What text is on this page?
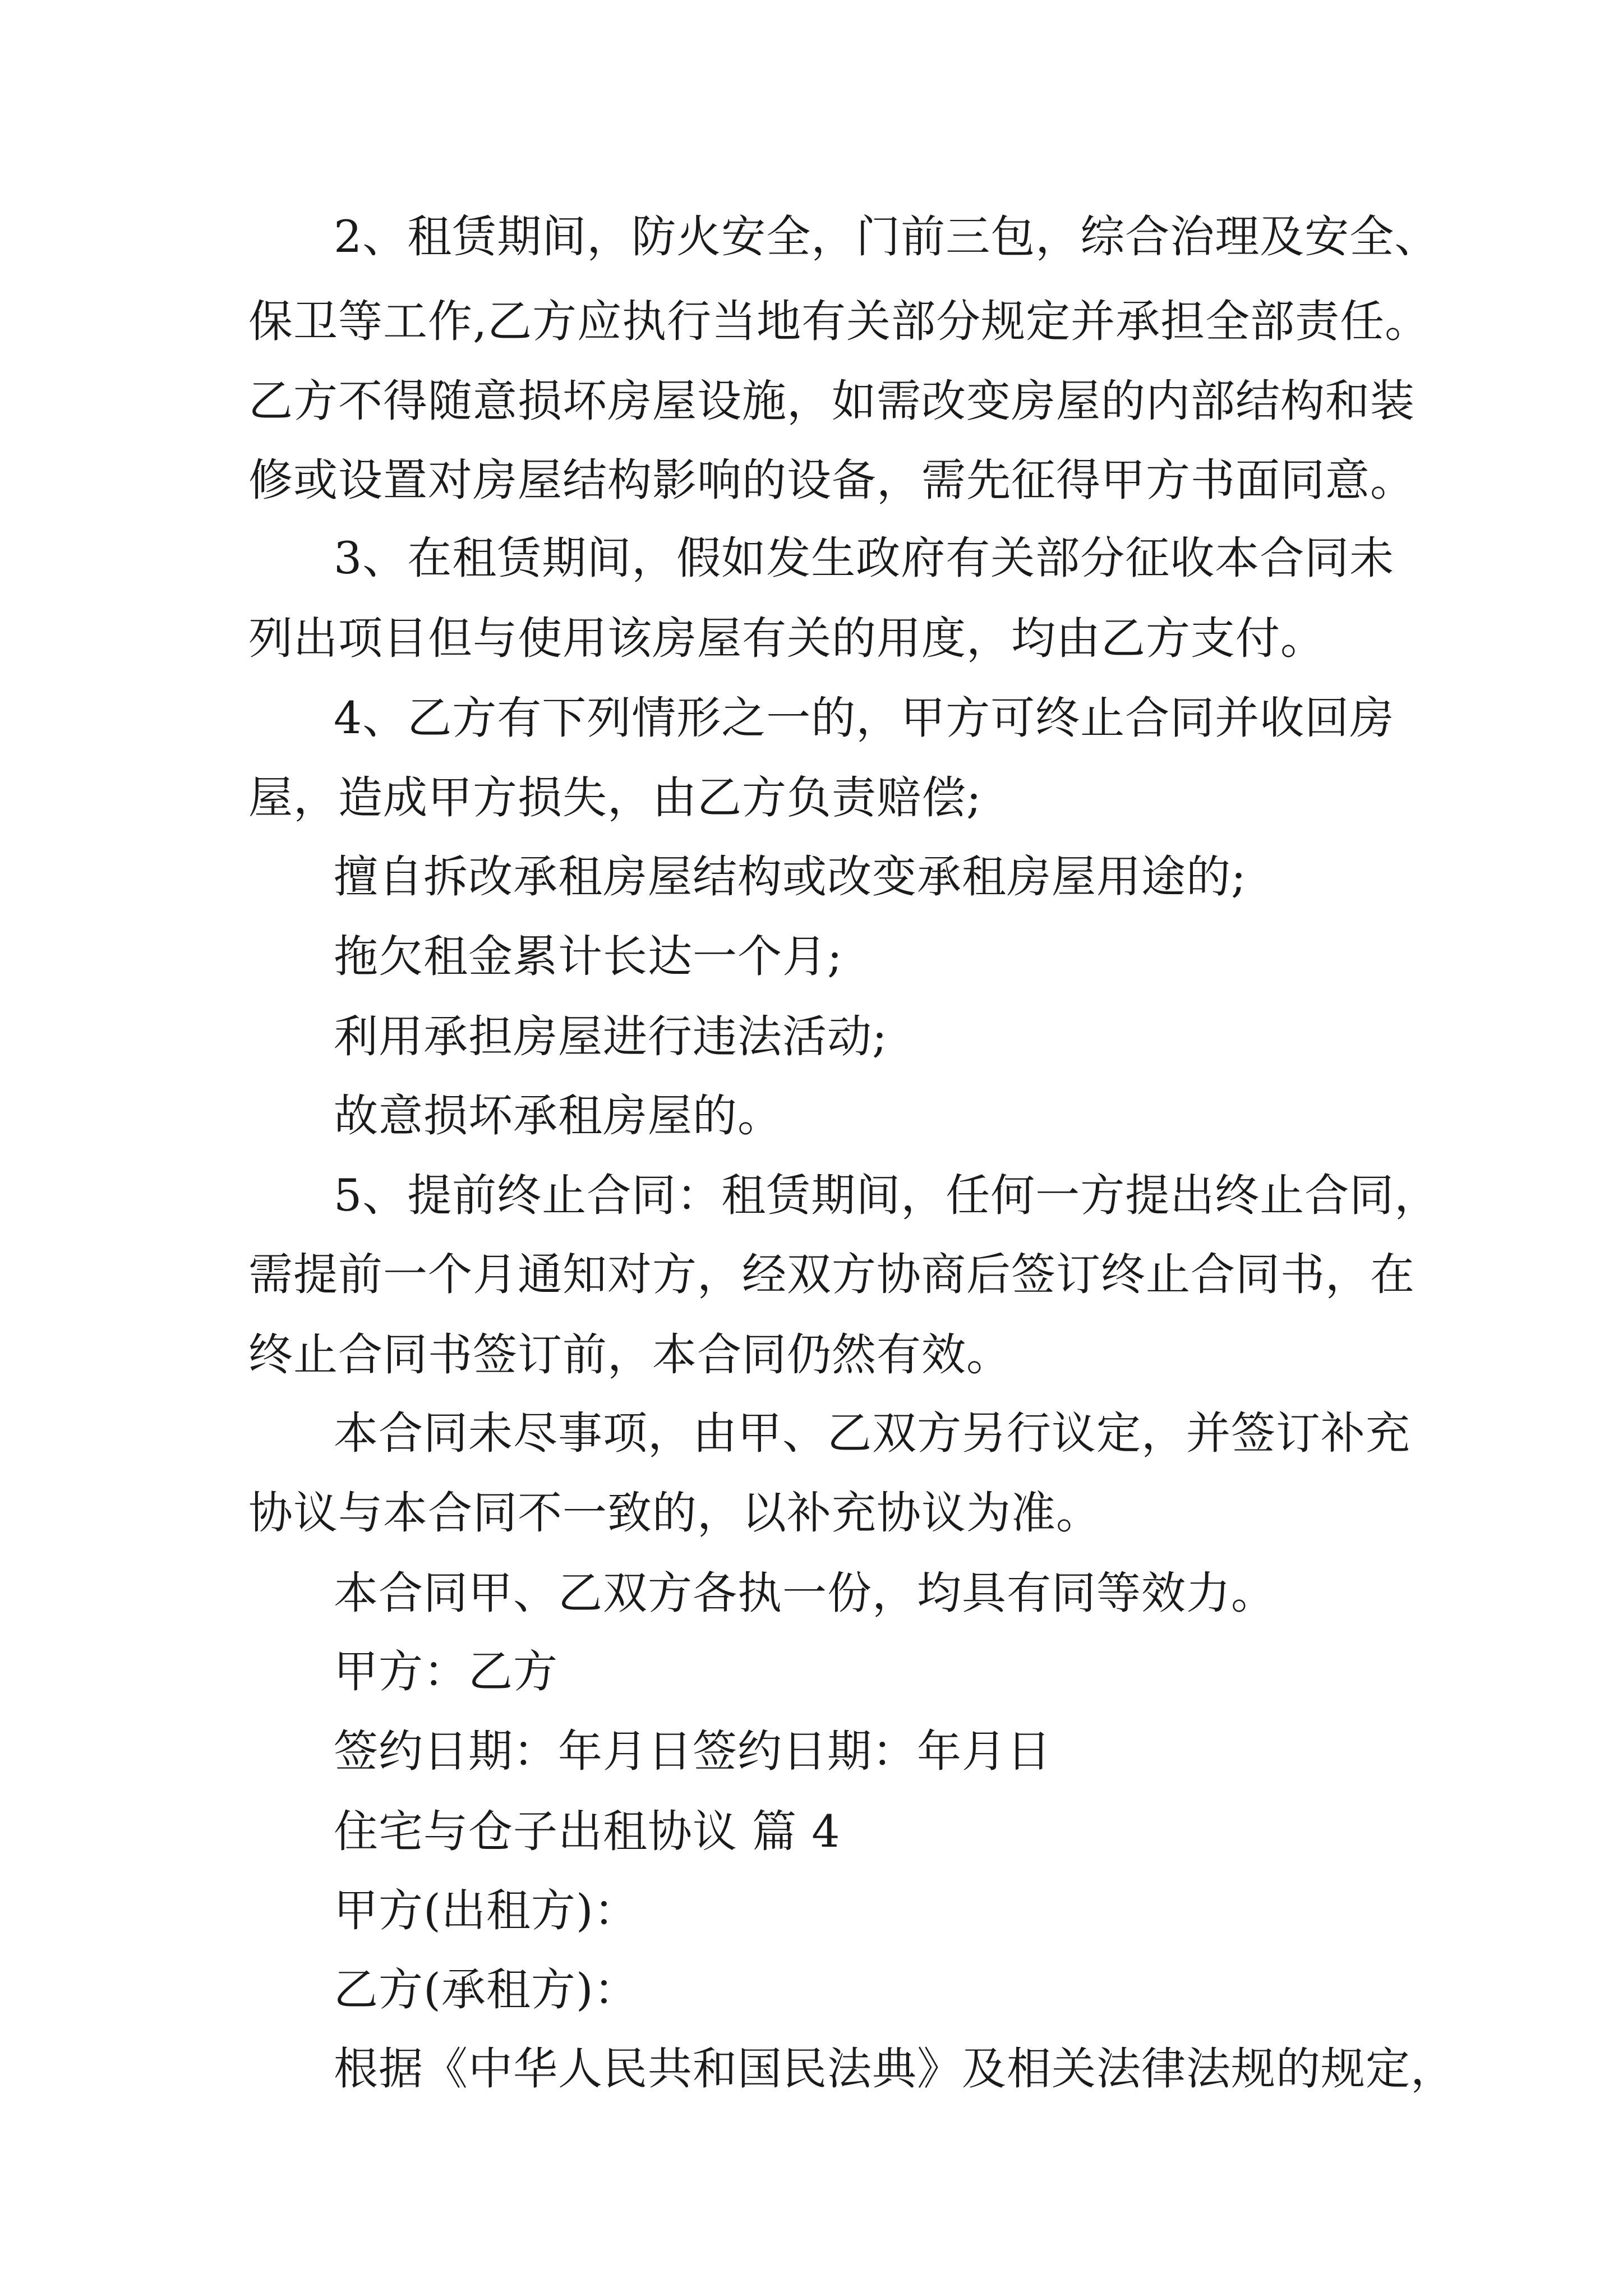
2、租赁期间，防火安全，门前三包，综合治理及安全、
保卫等工作,乙方应执行当地有关部分规定并承担全部责任。
乙方不得随意损坏房屋设施，如需改变房屋的内部结构和装
修或设置对房屋结构影响的设备，需先征得甲方书面同意。
3、在租赁期间，假如发生政府有关部分征收本合同未
列出项目但与使用该房屋有关的用度，均由乙方支付。
4、乙方有下列情形之一的，甲方可终止合同并收回房
屋，造成甲方损失，由乙方负责赔偿;
擅自拆改承租房屋结构或改变承租房屋用途的;
拖欠租金累计长达一个月;
利用承担房屋进行违法活动;
故意损坏承租房屋的。
5、提前终止合同：租赁期间，任何一方提出终止合同，
需提前一个月通知对方，经双方协商后签订终止合同书，在
终止合同书签订前，本合同仍然有效。
本合同未尽事项，由甲、乙双方另行议定，并签订补充
协议与本合同不一致的，以补充协议为准。
本合同甲、乙双方各执一份，均具有同等效力。
甲方：乙方
签约日期：年月日签约日期：年月日
住宅与仓子出租协议 篇 4
甲方(出租方)：
乙方(承租方)：
根据《中华人民共和国民法典》及相关法律法规的规定，
